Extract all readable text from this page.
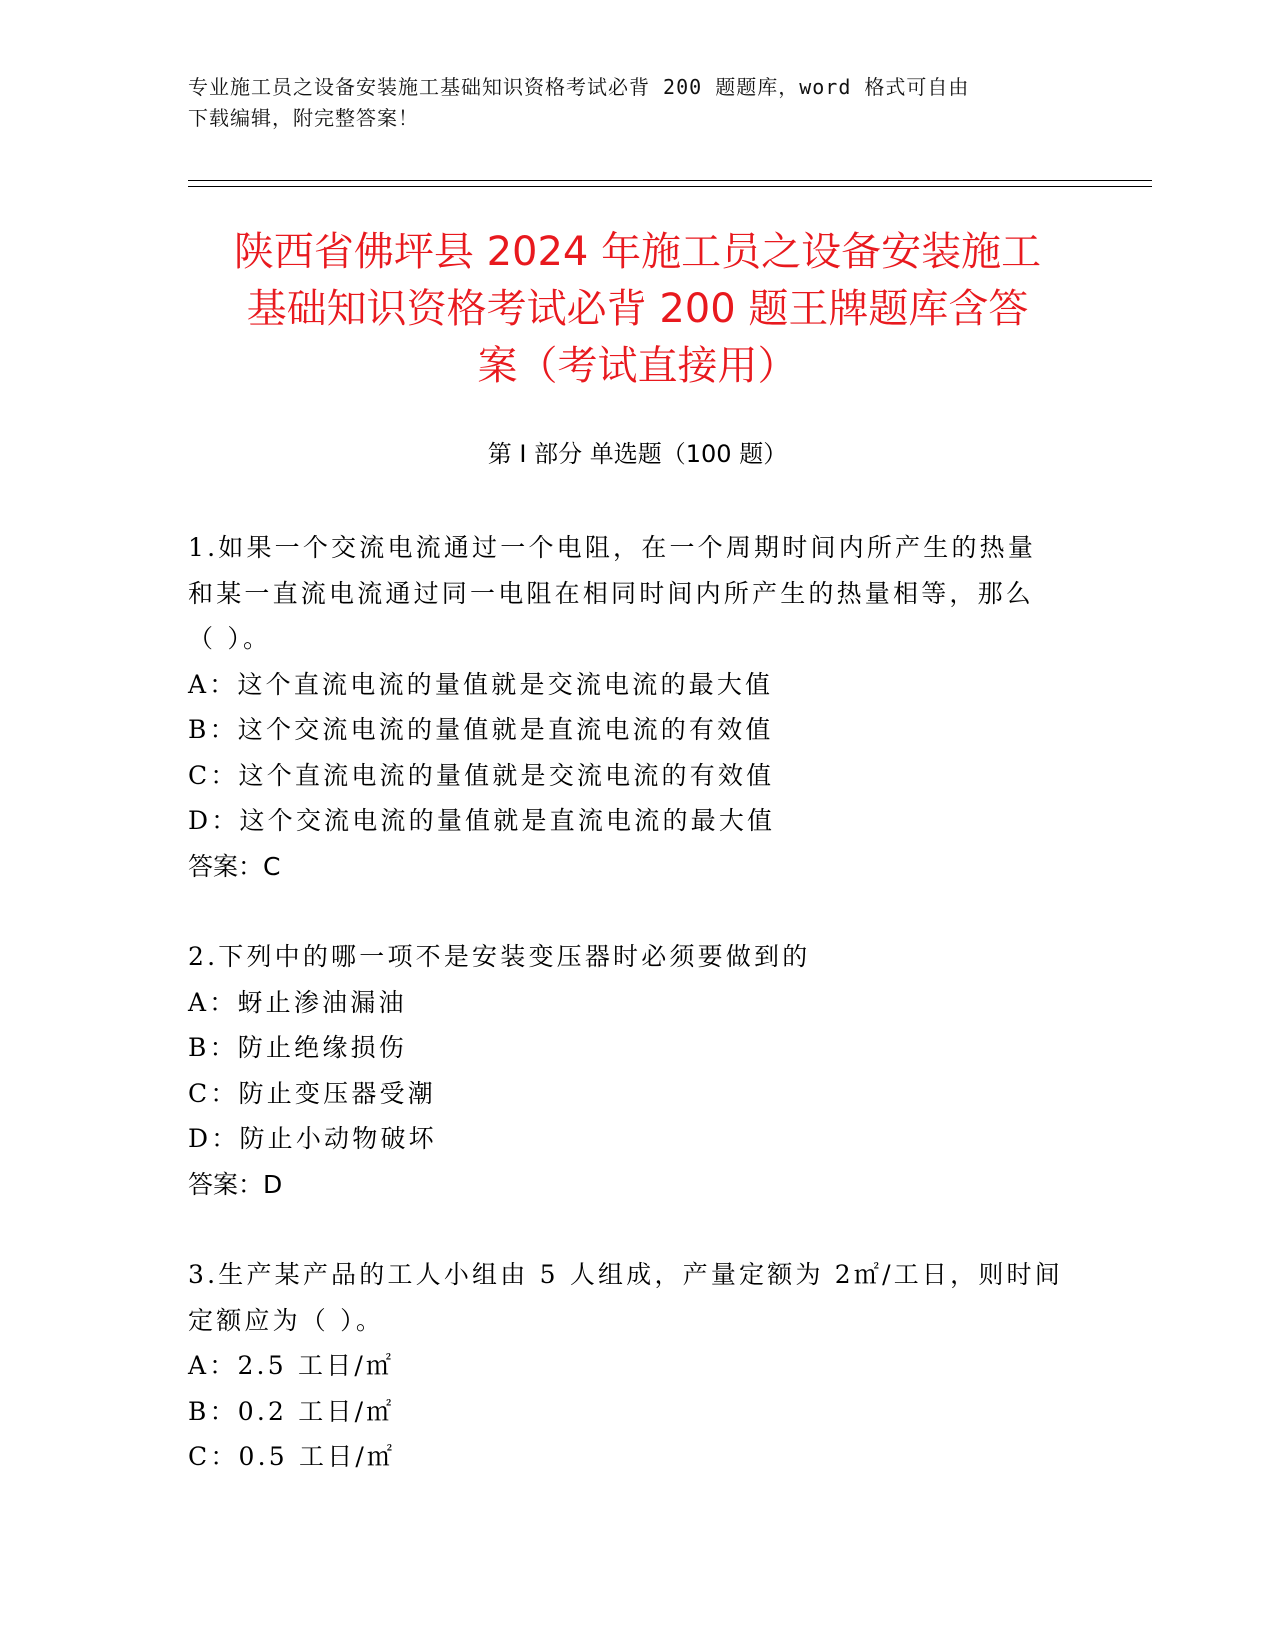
专业施工员之设备安装施工基础知识资格考试必背 200 题题库，word 格式可自由
下载编辑，附完整答案！
陕西省佛坪县 2024 年施工员之设备安装施工
基础知识资格考试必背 200 题王牌题库含答
案（考试直接用）
第 I 部分 单选题（100 题）

1.如果一个交流电流通过一个电阻，在一个周期时间内所产生的热量

和某一直流电流通过同一电阻在相同时间内所产生的热量相等，那么

（ ）。

A：这个直流电流的量值就是交流电流的最大值

B：这个交流电流的量值就是直流电流的有效值

C：这个直流电流的量值就是交流电流的有效值

D：这个交流电流的量值就是直流电流的最大值

答案：C

2.下列中的哪一项不是安装变压器时必须要做到的

A：蚜止渗油漏油

B：防止绝缘损伤

C：防止变压器受潮

D：防止小动物破坏

答案：D

3.生产某产品的工人小组由 5 人组成，产量定额为 2㎡/工日，则时间

定额应为（ ）。

A：2.5 工日/㎡

B：0.2 工日/㎡

C：0.5 工日/㎡
